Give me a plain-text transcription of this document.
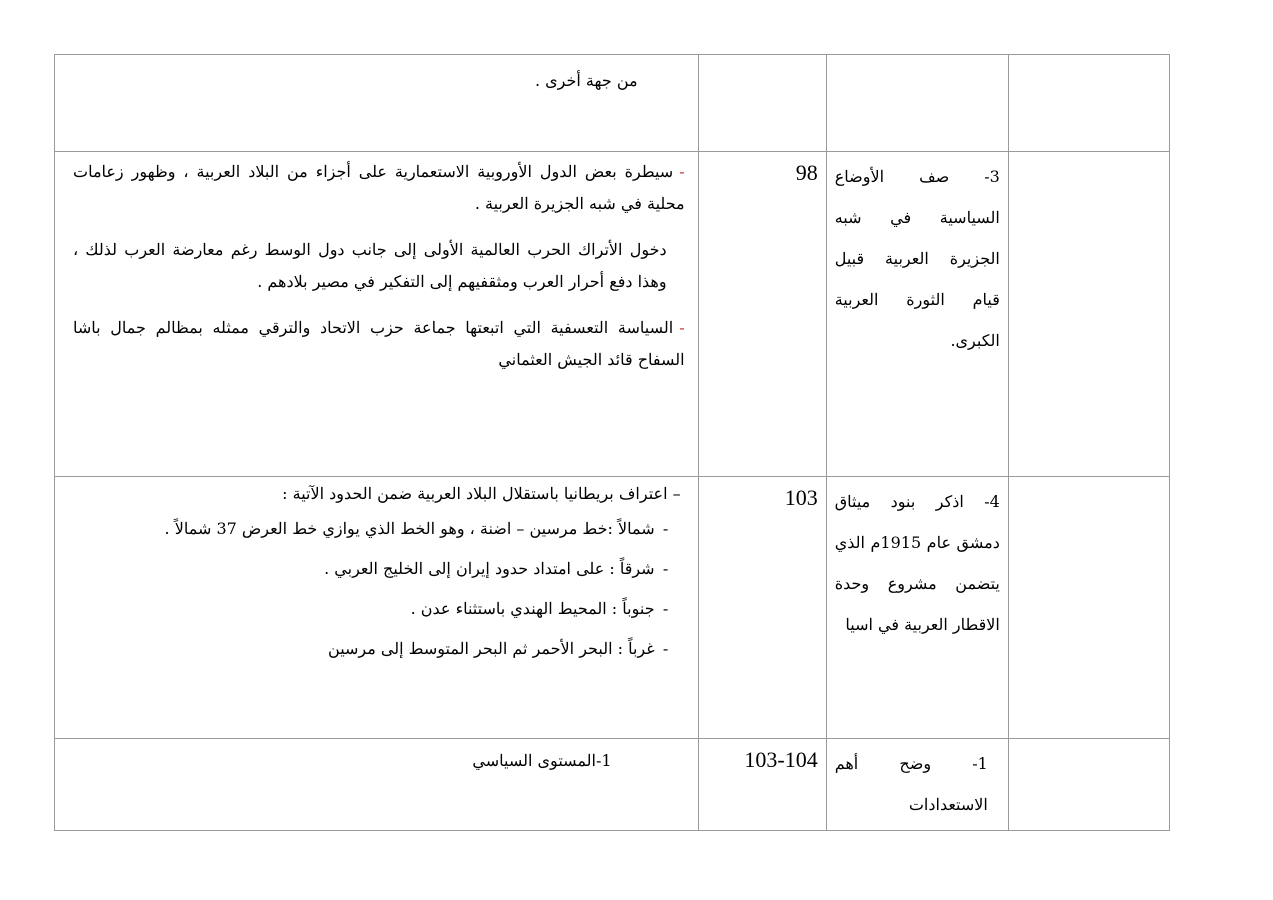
			من جهة أخرى .

	3- صف الأوضاع السياسية في شبه الجزيرة العربية قبيل قيام الثورة العربية الكبرى.	98	-سيطرة بعض الدول الأوروبية الاستعمارية على أجزاء من البلاد العربية ، وظهور زعامات محلية في شبه الجزيرة العربية .

دخول الأتراك الحرب العالمية الأولى إلى جانب دول الوسط رغم معارضة العرب لذلك ، وهذا دفع أحرار العرب ومثقفيهم إلى التفكير في مصير بلادهم .

-السياسة التعسفية التي اتبعتها جماعة حزب الاتحاد والترقي ممثله بمظالم جمال باشا السفاح قائد الجيش العثماني

	4- اذكر بنود ميثاق دمشق عام 1915م الذي يتضمن مشروع وحدة الاقطار العربية في اسيا	103	– اعتراف بريطانيا باستقلال البلاد العربية ضمن الحدود الآتية :

-شمالاً :خط مرسين – اضنة ، وهو الخط الذي يوازي خط العرض 37 شمالاً .

-شرقاً : على امتداد حدود إيران إلى الخليج العربي .

-جنوباً : المحيط الهندي باستثناء عدن .

-غرباً : البحر الأحمر ثم البحر المتوسط إلى مرسين

	1- وضح أهم الاستعدادات	103-104	1-المستوى السياسي
